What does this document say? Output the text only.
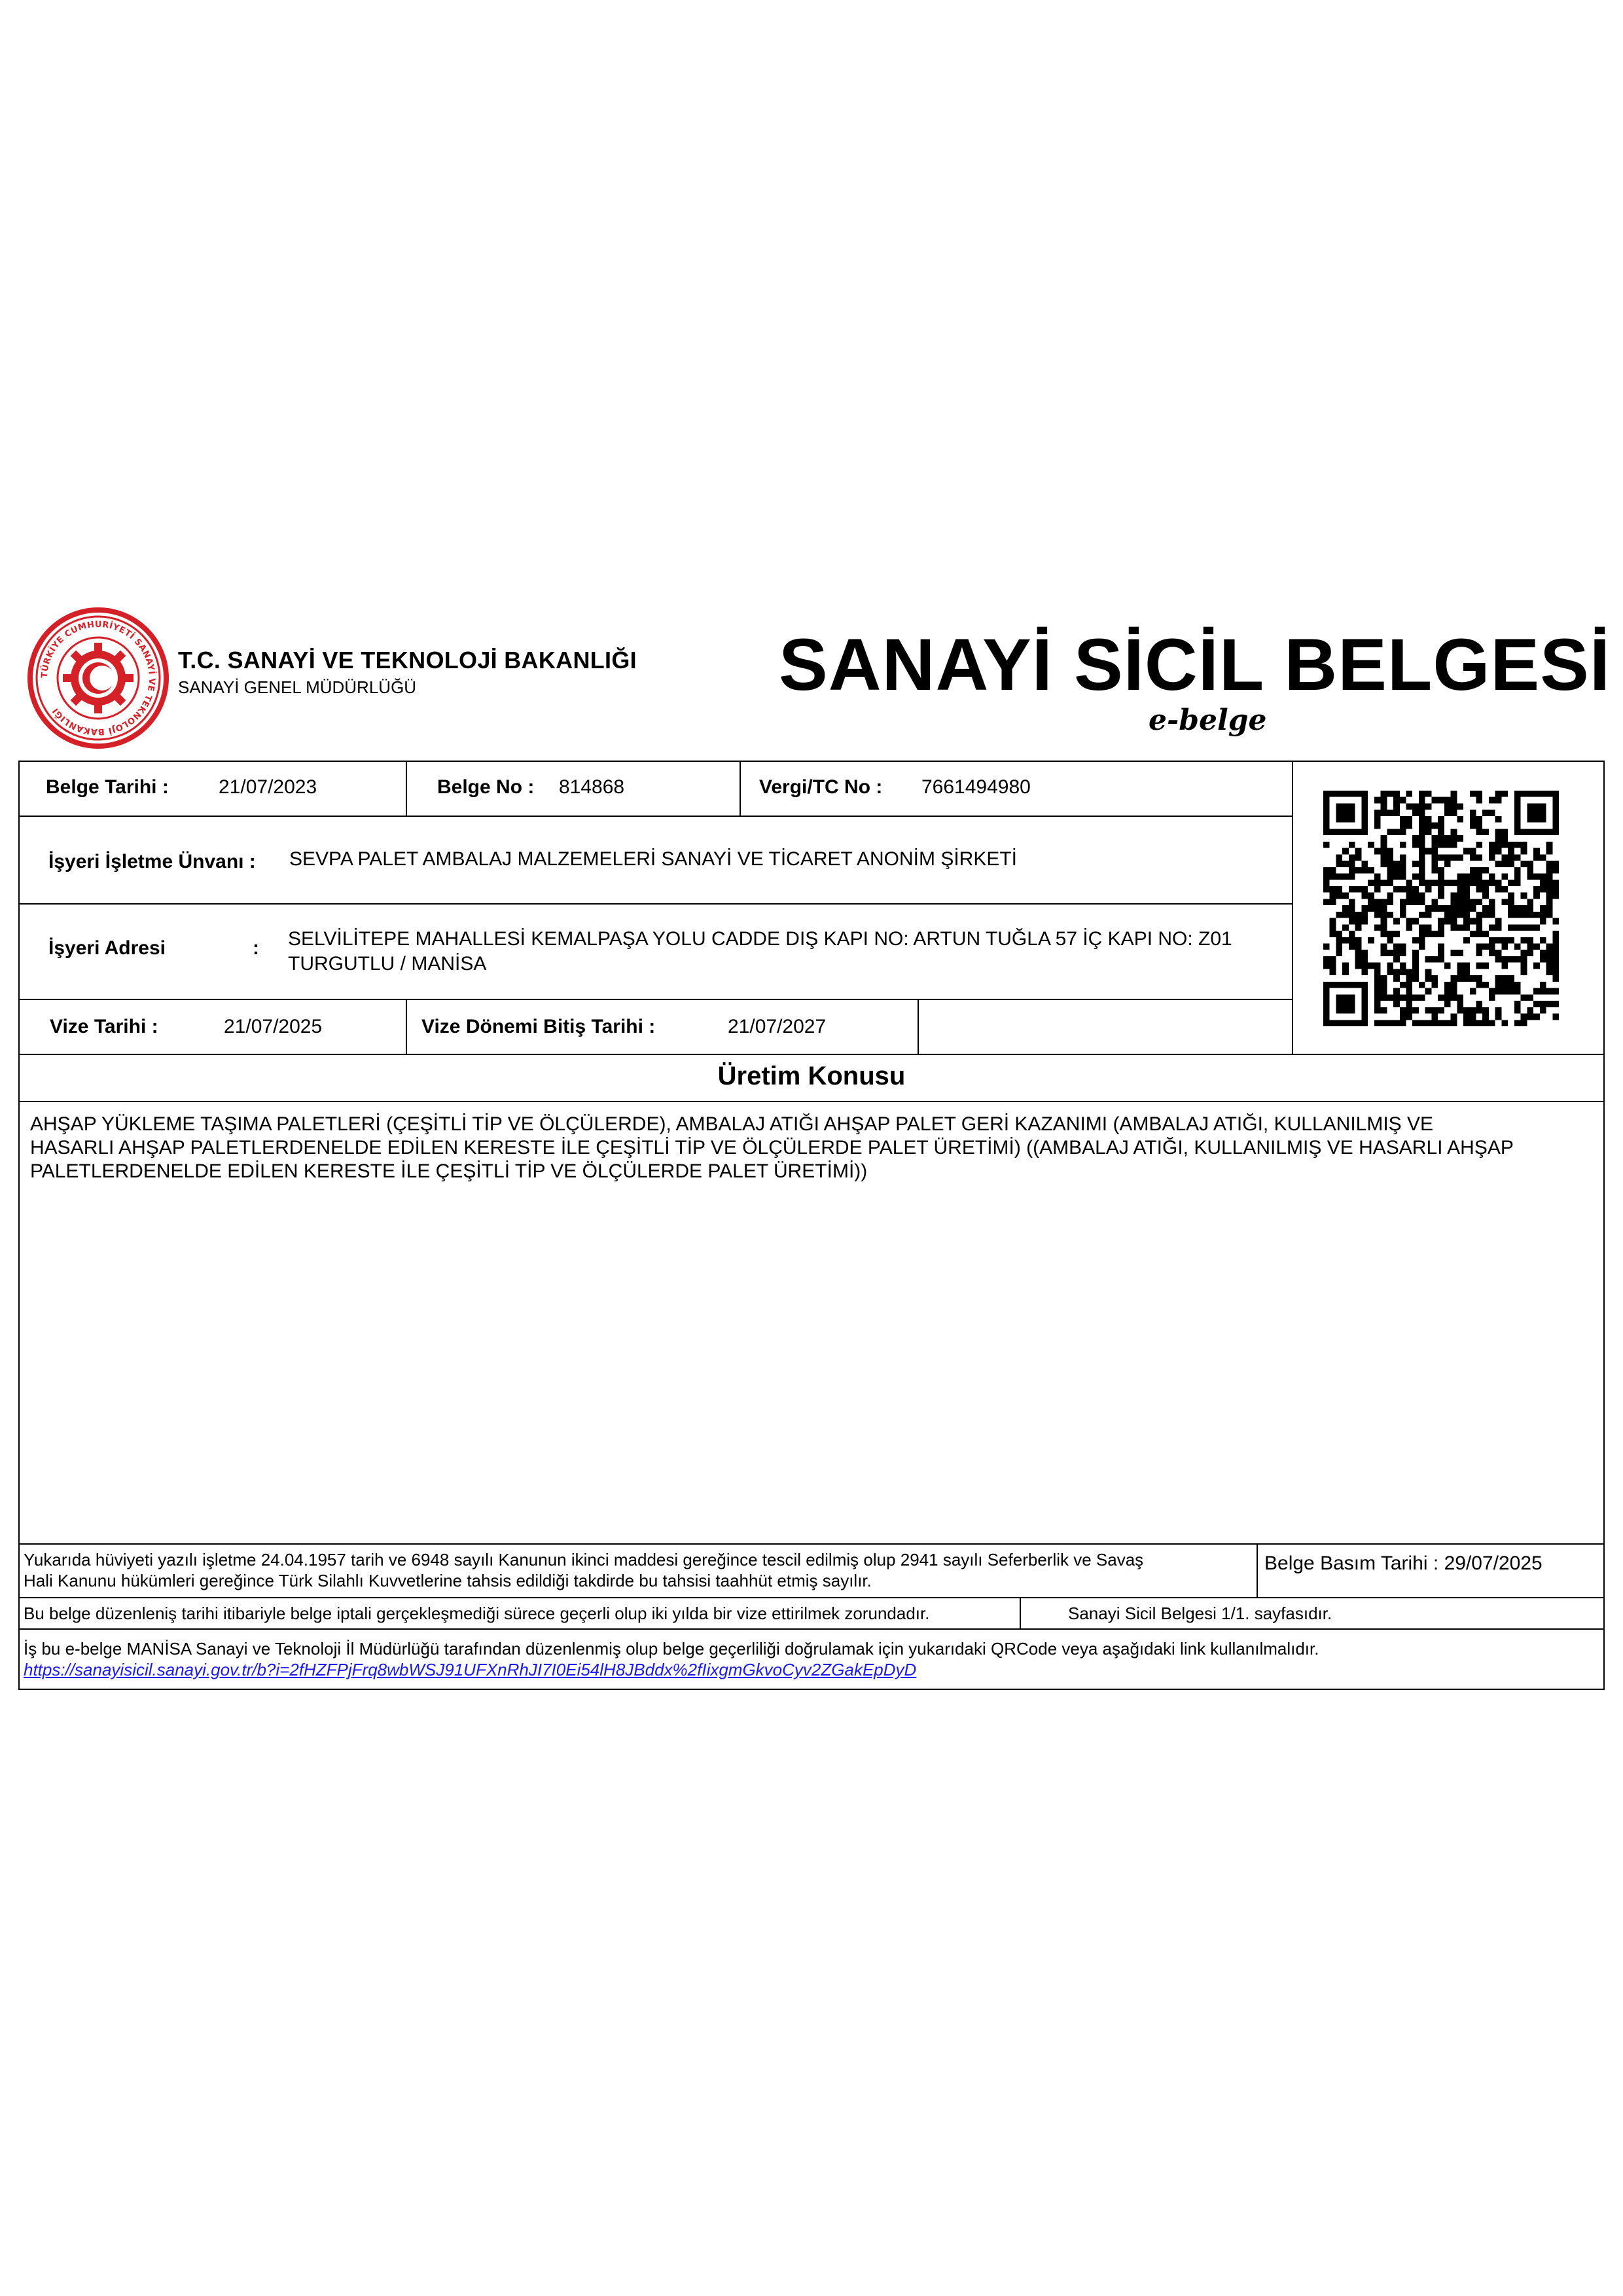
TÜRKİYE CUMHURİYETİ SANAYİ VE TEKNOLOJİ BAKANLIĞI
T.C. SANAYİ VE TEKNOLOJİ BAKANLIĞI
SANAYİ GENEL MÜDÜRLÜĞÜ	SANAYİ SİCİL BELGESİ
e-belge
Belge Tarihi :	21/07/2023	Belge No : 814868	Vergi/TC No : 7661494980
İşyeri İşletme Ünvanı : SEVPA PALET AMBALAJ MALZEMELERİ SANAYİ VE TİCARET ANONİM ŞİRKETİ
İşyeri Adresi	: SELVİLİTEPE MAHALLESİ KEMALPAŞA YOLU CADDE DIŞ KAPI NO: ARTUN TUĞLA 57 İÇ KAPI NO: Z01
TURGUTLU / MANİSA
Vize Tarihi :	21/07/2025	Vize Dönemi Bitiş Tarihi :	21/07/2027
Üretim Konusu
AHŞAP YÜKLEME TAŞIMA PALETLERİ (ÇEŞİTLİ TİP VE ÖLÇÜLERDE), AMBALAJ ATIĞI AHŞAP PALET GERİ KAZANIMI (AMBALAJ ATIĞI, KULLANILMIŞ VE
HASARLI AHŞAP PALETLERDENELDE EDİLEN KERESTE İLE ÇEŞİTLİ TİP VE ÖLÇÜLERDE PALET ÜRETİMİ) ((AMBALAJ ATIĞI, KULLANILMIŞ VE HASARLI AHŞAP
PALETLERDENELDE EDİLEN KERESTE İLE ÇEŞİTLİ TİP VE ÖLÇÜLERDE PALET ÜRETİMİ))
Yukarıda hüviyeti yazılı işletme 24.04.1957 tarih ve 6948 sayılı Kanunun ikinci maddesi gereğince tescil edilmiş olup 2941 sayılı Seferberlik ve Savaş
Hali Kanunu hükümleri gereğince Türk Silahlı Kuvvetlerine tahsis edildiği takdirde bu tahsisi taahhüt etmiş sayılır.
Belge Basım Tarihi : 29/07/2025
Bu belge düzenleniş tarihi itibariyle belge iptali gerçekleşmediği sürece geçerli olup iki yılda bir vize ettirilmek zorundadır.	Sanayi Sicil Belgesi 1/1. sayfasıdır.
İş bu e-belge MANİSA Sanayi ve Teknoloji İl Müdürlüğü tarafından düzenlenmiş olup belge geçerliliği doğrulamak için yukarıdaki QRCode veya aşağıdaki link kullanılmalıdır.
https://sanayisicil.sanayi.gov.tr/b?i=2fHZFPjFrq8wbWSJ91UFXnRhJI7I0Ei54lH8JBddx%2fIixgmGkvoCyv2ZGakEpDyD
